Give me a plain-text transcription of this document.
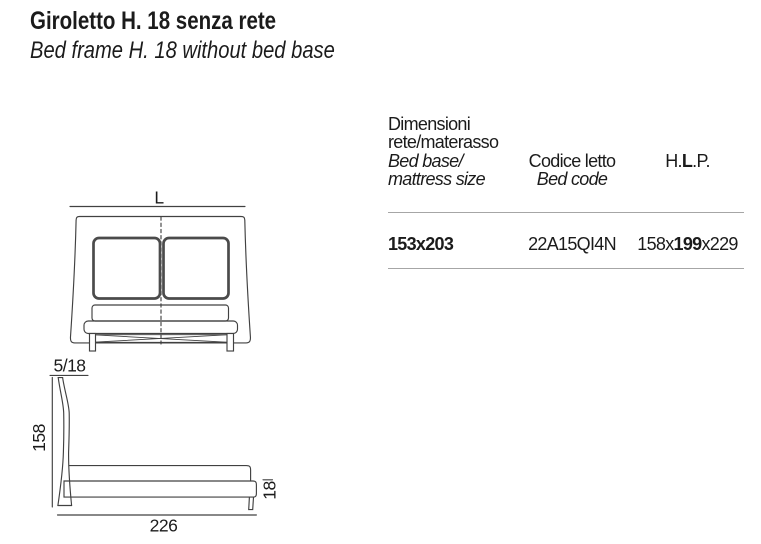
Giroletto H. 18 senza rete
Bed frame H. 18 without bed base
L
5/18
158
226
18
Dimensioni
rete/materasso
Bed base/
mattress size
Codice letto
Bed code
H.L.P.
153x203	22A15QI4N	158x199x229
